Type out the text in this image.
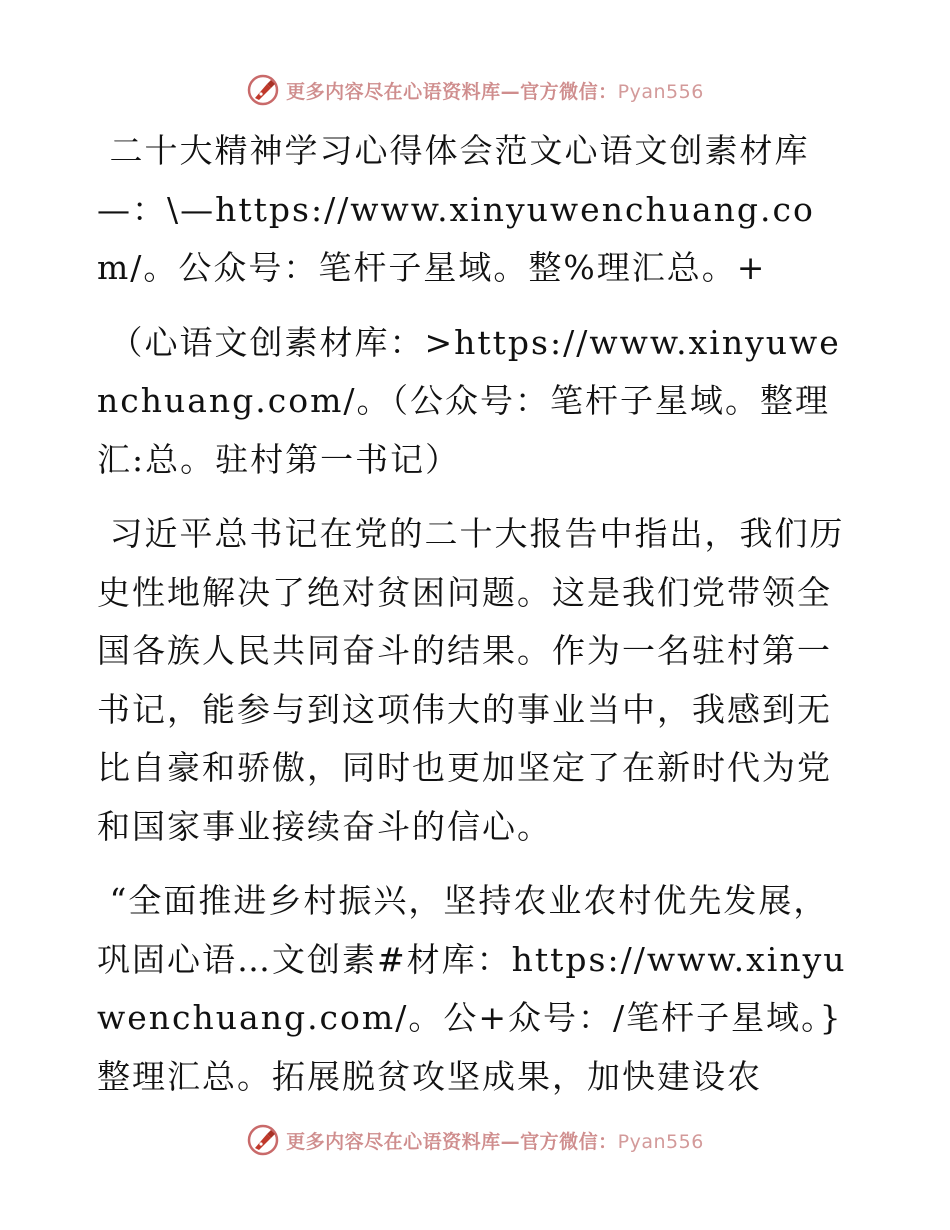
更多内容尽在心语资料库—官方微信：Pyan556

二十大精神学习心得体会范文心语文创素材库—：\—https://www.xinyuwenchuang.com/。公众号：笔杆子星域。整%理汇总。+

（心语文创素材库：>https://www.xinyuwenchuang.com/。（公众号：笔杆子星域。整理汇:总。驻村第一书记）

习近平总书记在党的二十大报告中指出，我们历史性地解决了绝对贫困问题。这是我们党带领全国各族人民共同奋斗的结果。作为一名驻村第一书记，能参与到这项伟大的事业当中，我感到无比自豪和骄傲，同时也更加坚定了在新时代为党和国家事业接续奋斗的信心。

“全面推进乡村振兴，坚持农业农村优先发展，巩固心语…文创素#材库：https://www.xinyuwenchuang.com/。公+众号：/笔杆子星域。}整理汇总。拓展脱贫攻坚成果，加快建设农

更多内容尽在心语资料库—官方微信：Pyan556
